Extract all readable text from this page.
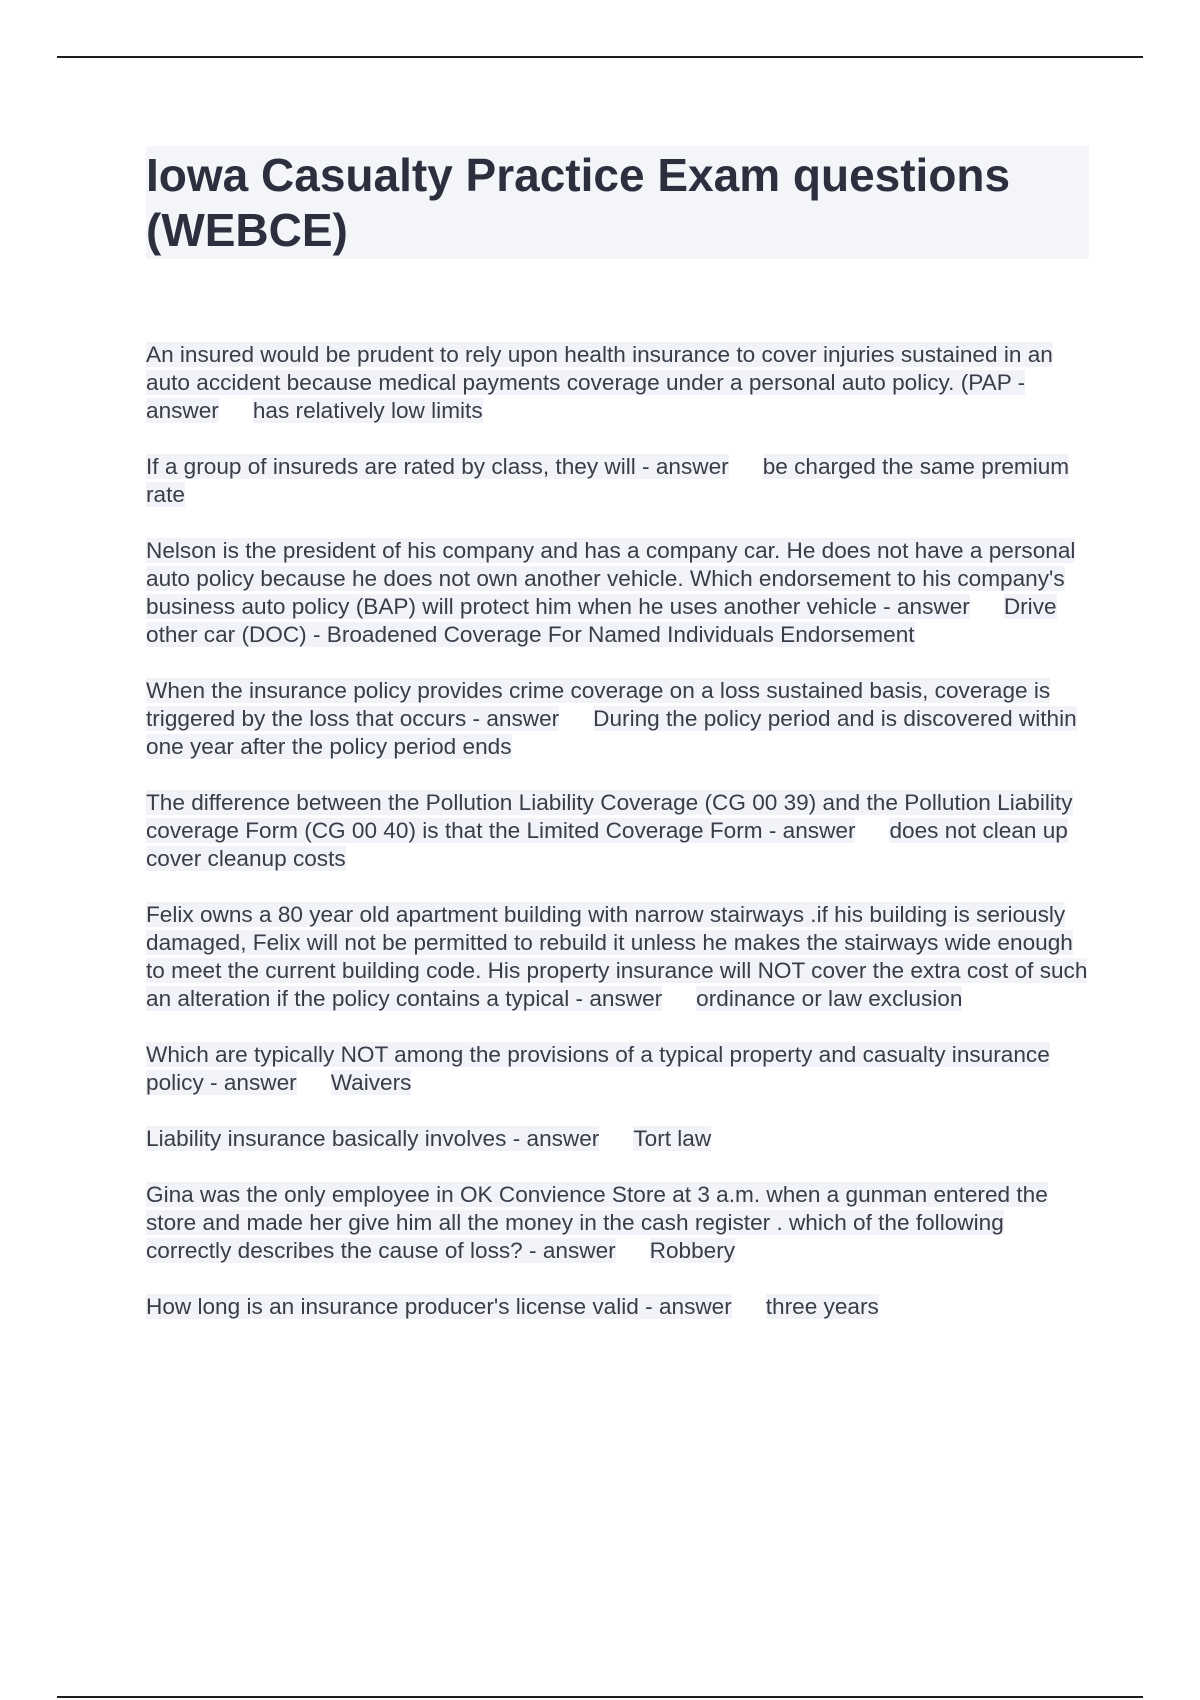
Iowa Casualty Practice Exam questions (WEBCE)

An insured would be prudent to rely upon health insurance to cover injuries sustained in an auto accident because medical payments coverage under a personal auto policy. (PAP - answer has relatively low limits

If a group of insureds are rated by class, they will - answer be charged the same premium rate

Nelson is the president of his company and has a company car. He does not have a personal auto policy because he does not own another vehicle. Which endorsement to his company's business auto policy (BAP) will protect him when he uses another vehicle - answer Drive other car (DOC) - Broadened Coverage For Named Individuals Endorsement

When the insurance policy provides crime coverage on a loss sustained basis, coverage is triggered by the loss that occurs - answer During the policy period and is discovered within one year after the policy period ends

The difference between the Pollution Liability Coverage (CG 00 39) and the Pollution Liability coverage Form (CG 00 40) is that the Limited Coverage Form - answer does not clean up cover cleanup costs

Felix owns a 80 year old apartment building with narrow stairways .if his building is seriously damaged, Felix will not be permitted to rebuild it unless he makes the stairways wide enough to meet the current building code. His property insurance will NOT cover the extra cost of such an alteration if the policy contains a typical - answer ordinance or law exclusion

Which are typically NOT among the provisions of a typical property and casualty insurance policy - answer Waivers

Liability insurance basically involves - answer Tort law

Gina was the only employee in OK Convience Store at 3 a.m. when a gunman entered the store and made her give him all the money in the cash register . which of the following correctly describes the cause of loss? - answer Robbery

How long is an insurance producer's license valid - answer three years
